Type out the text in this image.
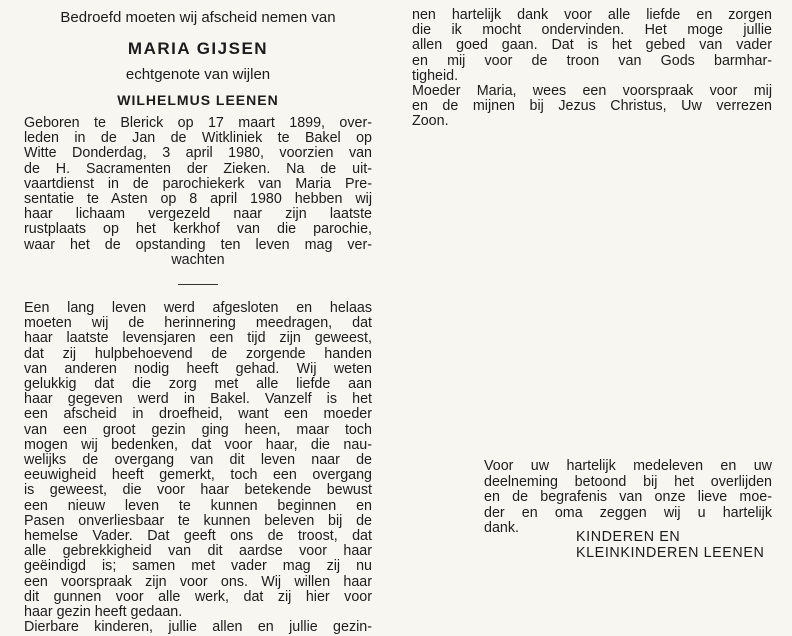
Bedroefd moeten wij afscheid nemen van
MARIA GIJSEN
echtgenote van wijlen
WILHELMUS LEENEN
Geboren te Blerick op 17 maart 1899, over-
leden in de Jan de Witkliniek te Bakel op
Witte Donderdag, 3 april 1980, voorzien van
de H. Sacramenten der Zieken. Na de uit-
vaartdienst in de parochiekerk van Maria Pre-
sentatie te Asten op 8 april 1980 hebben wij
haar lichaam vergezeld naar zijn laatste
rustplaats op het kerkhof van die parochie,
waar het de opstanding ten leven mag ver-
wachten
Een lang leven werd afgesloten en helaas
moeten wij de herinnering meedragen, dat
haar laatste levensjaren een tijd zijn geweest,
dat zij hulpbehoevend de zorgende handen
van anderen nodig heeft gehad. Wij weten
gelukkig dat die zorg met alle liefde aan
haar gegeven werd in Bakel. Vanzelf is het
een afscheid in droefheid, want een moeder
van een groot gezin ging heen, maar toch
mogen wij bedenken, dat voor haar, die nau-
welijks de overgang van dit leven naar de
eeuwigheid heeft gemerkt, toch een overgang
is geweest, die voor haar betekende bewust
een nieuw leven te kunnen beginnen en
Pasen onverliesbaar te kunnen beleven bij de
hemelse Vader. Dat geeft ons de troost, dat
alle gebrekkigheid van dit aardse voor haar
geëindigd is; samen met vader mag zij nu
een voorspraak zijn voor ons. Wij willen haar
dit gunnen voor alle werk, dat zij hier voor
haar gezin heeft gedaan.
Dierbare kinderen, jullie allen en jullie gezin-
nen hartelijk dank voor alle liefde en zorgen
die ik mocht ondervinden. Het moge jullie
allen goed gaan. Dat is het gebed van vader
en mij voor de troon van Gods barmhar-
tigheid.
Moeder Maria, wees een voorspraak voor mij
en de mijnen bij Jezus Christus, Uw verrezen
Zoon.
Voor uw hartelijk medeleven en uw
deelneming betoond bij het overlijden
en de begrafenis van onze lieve moe-
der en oma zeggen wij u hartelijk
dank.
KINDEREN EN
KLEINKINDEREN LEENEN
